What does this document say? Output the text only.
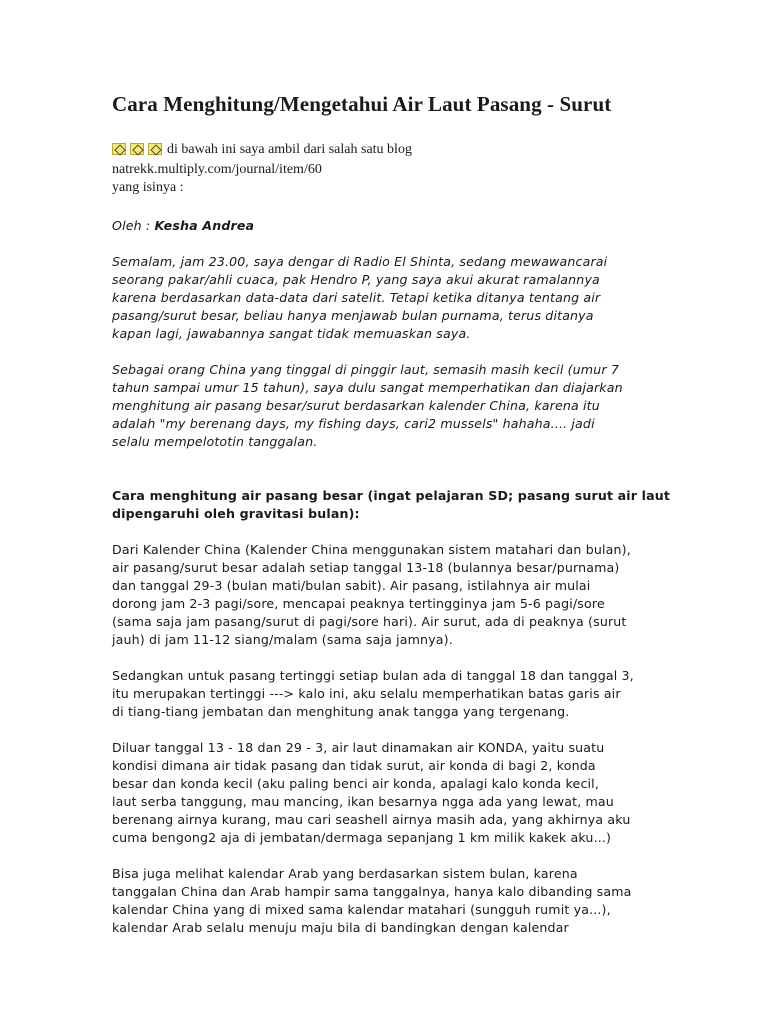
Cara Menghitung/Mengetahui Air Laut Pasang - Surut
di bawah ini saya ambil dari salah satu blog
natrekk.multiply.com/journal/item/60
yang isinya :

Oleh : Kesha Andrea

Semalam, jam 23.00, saya dengar di Radio El Shinta, sedang mewawancarai
seorang pakar/ahli cuaca, pak Hendro P, yang saya akui akurat ramalannya
karena berdasarkan data-data dari satelit. Tetapi ketika ditanya tentang air
pasang/surut besar, beliau hanya menjawab bulan purnama, terus ditanya
kapan lagi, jawabannya sangat tidak memuaskan saya.

Sebagai orang China yang tinggal di pinggir laut, semasih masih kecil (umur 7
tahun sampai umur 15 tahun), saya dulu sangat memperhatikan dan diajarkan
menghitung air pasang besar/surut berdasarkan kalender China, karena itu
adalah "my berenang days, my fishing days, cari2 mussels" hahaha.... jadi
selalu mempelototin tanggalan.

Cara menghitung air pasang besar (ingat pelajaran SD; pasang surut air laut
dipengaruhi oleh gravitasi bulan):

Dari Kalender China (Kalender China menggunakan sistem matahari dan bulan),
air pasang/surut besar adalah setiap tanggal 13-18 (bulannya besar/purnama)
dan tanggal 29-3 (bulan mati/bulan sabit). Air pasang, istilahnya air mulai
dorong jam 2-3 pagi/sore, mencapai peaknya tertingginya jam 5-6 pagi/sore
(sama saja jam pasang/surut di pagi/sore hari). Air surut, ada di peaknya (surut
jauh) di jam 11-12 siang/malam (sama saja jamnya).

Sedangkan untuk pasang tertinggi setiap bulan ada di tanggal 18 dan tanggal 3,
itu merupakan tertinggi ---> kalo ini, aku selalu memperhatikan batas garis air
di tiang-tiang jembatan dan menghitung anak tangga yang tergenang.

Diluar tanggal 13 - 18 dan 29 - 3, air laut dinamakan air KONDA, yaitu suatu
kondisi dimana air tidak pasang dan tidak surut, air konda di bagi 2, konda
besar dan konda kecil (aku paling benci air konda, apalagi kalo konda kecil,
laut serba tanggung, mau mancing, ikan besarnya ngga ada yang lewat, mau
berenang airnya kurang, mau cari seashell airnya masih ada, yang akhirnya aku
cuma bengong2 aja di jembatan/dermaga sepanjang 1 km milik kakek aku...)

Bisa juga melihat kalendar Arab yang berdasarkan sistem bulan, karena
tanggalan China dan Arab hampir sama tanggalnya, hanya kalo dibanding sama
kalendar China yang di mixed sama kalendar matahari (sungguh rumit ya...),
kalendar Arab selalu menuju maju bila di bandingkan dengan kalendar
